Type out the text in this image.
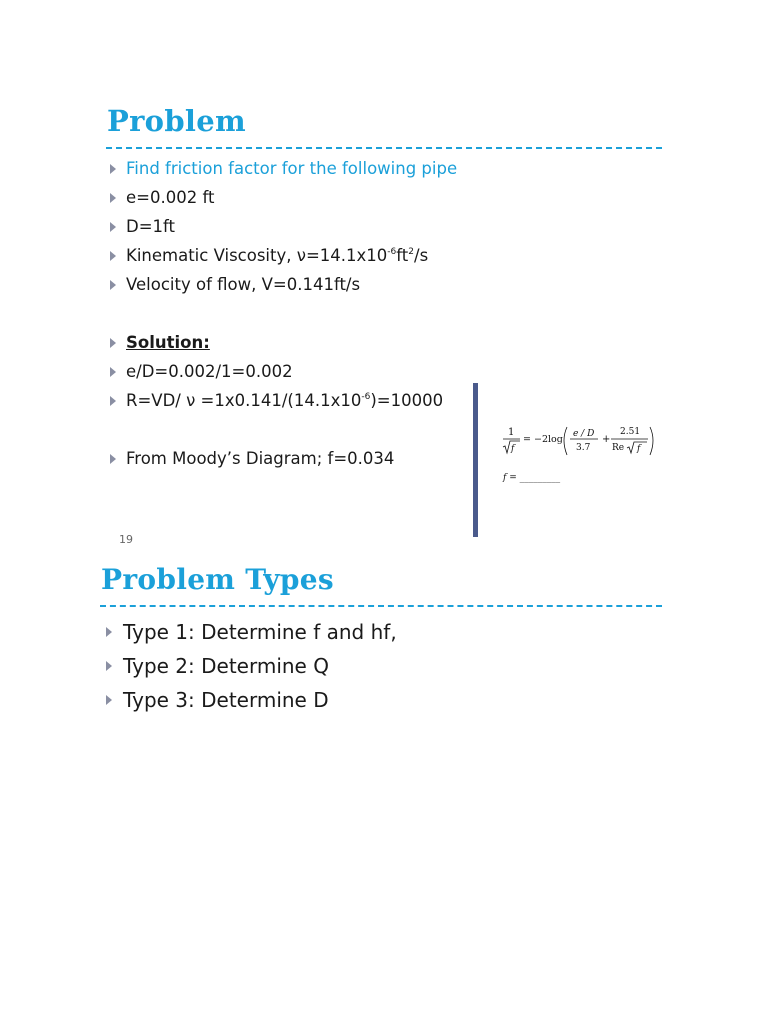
Problem
Find friction factor for the following pipe
e=0.002 ft
D=1ft
Kinematic Viscosity, $\nu=14.1x10^{-6}ft^2/s$
Velocity of flow, V=0.141ft/s
Solution:
e/D=0.002/1=0.002
R=VD/ $\nu =1x0.141/(14.1x10^{-6})=10000$
From Moody’s Diagram; f=0.034
19
1
f
= −2log e / D
3.7
+
2.51
Re f
f = _________
Problem Types
Type 1: Determine f and hf,
Type 2: Determine Q
Type 3: Determine D
